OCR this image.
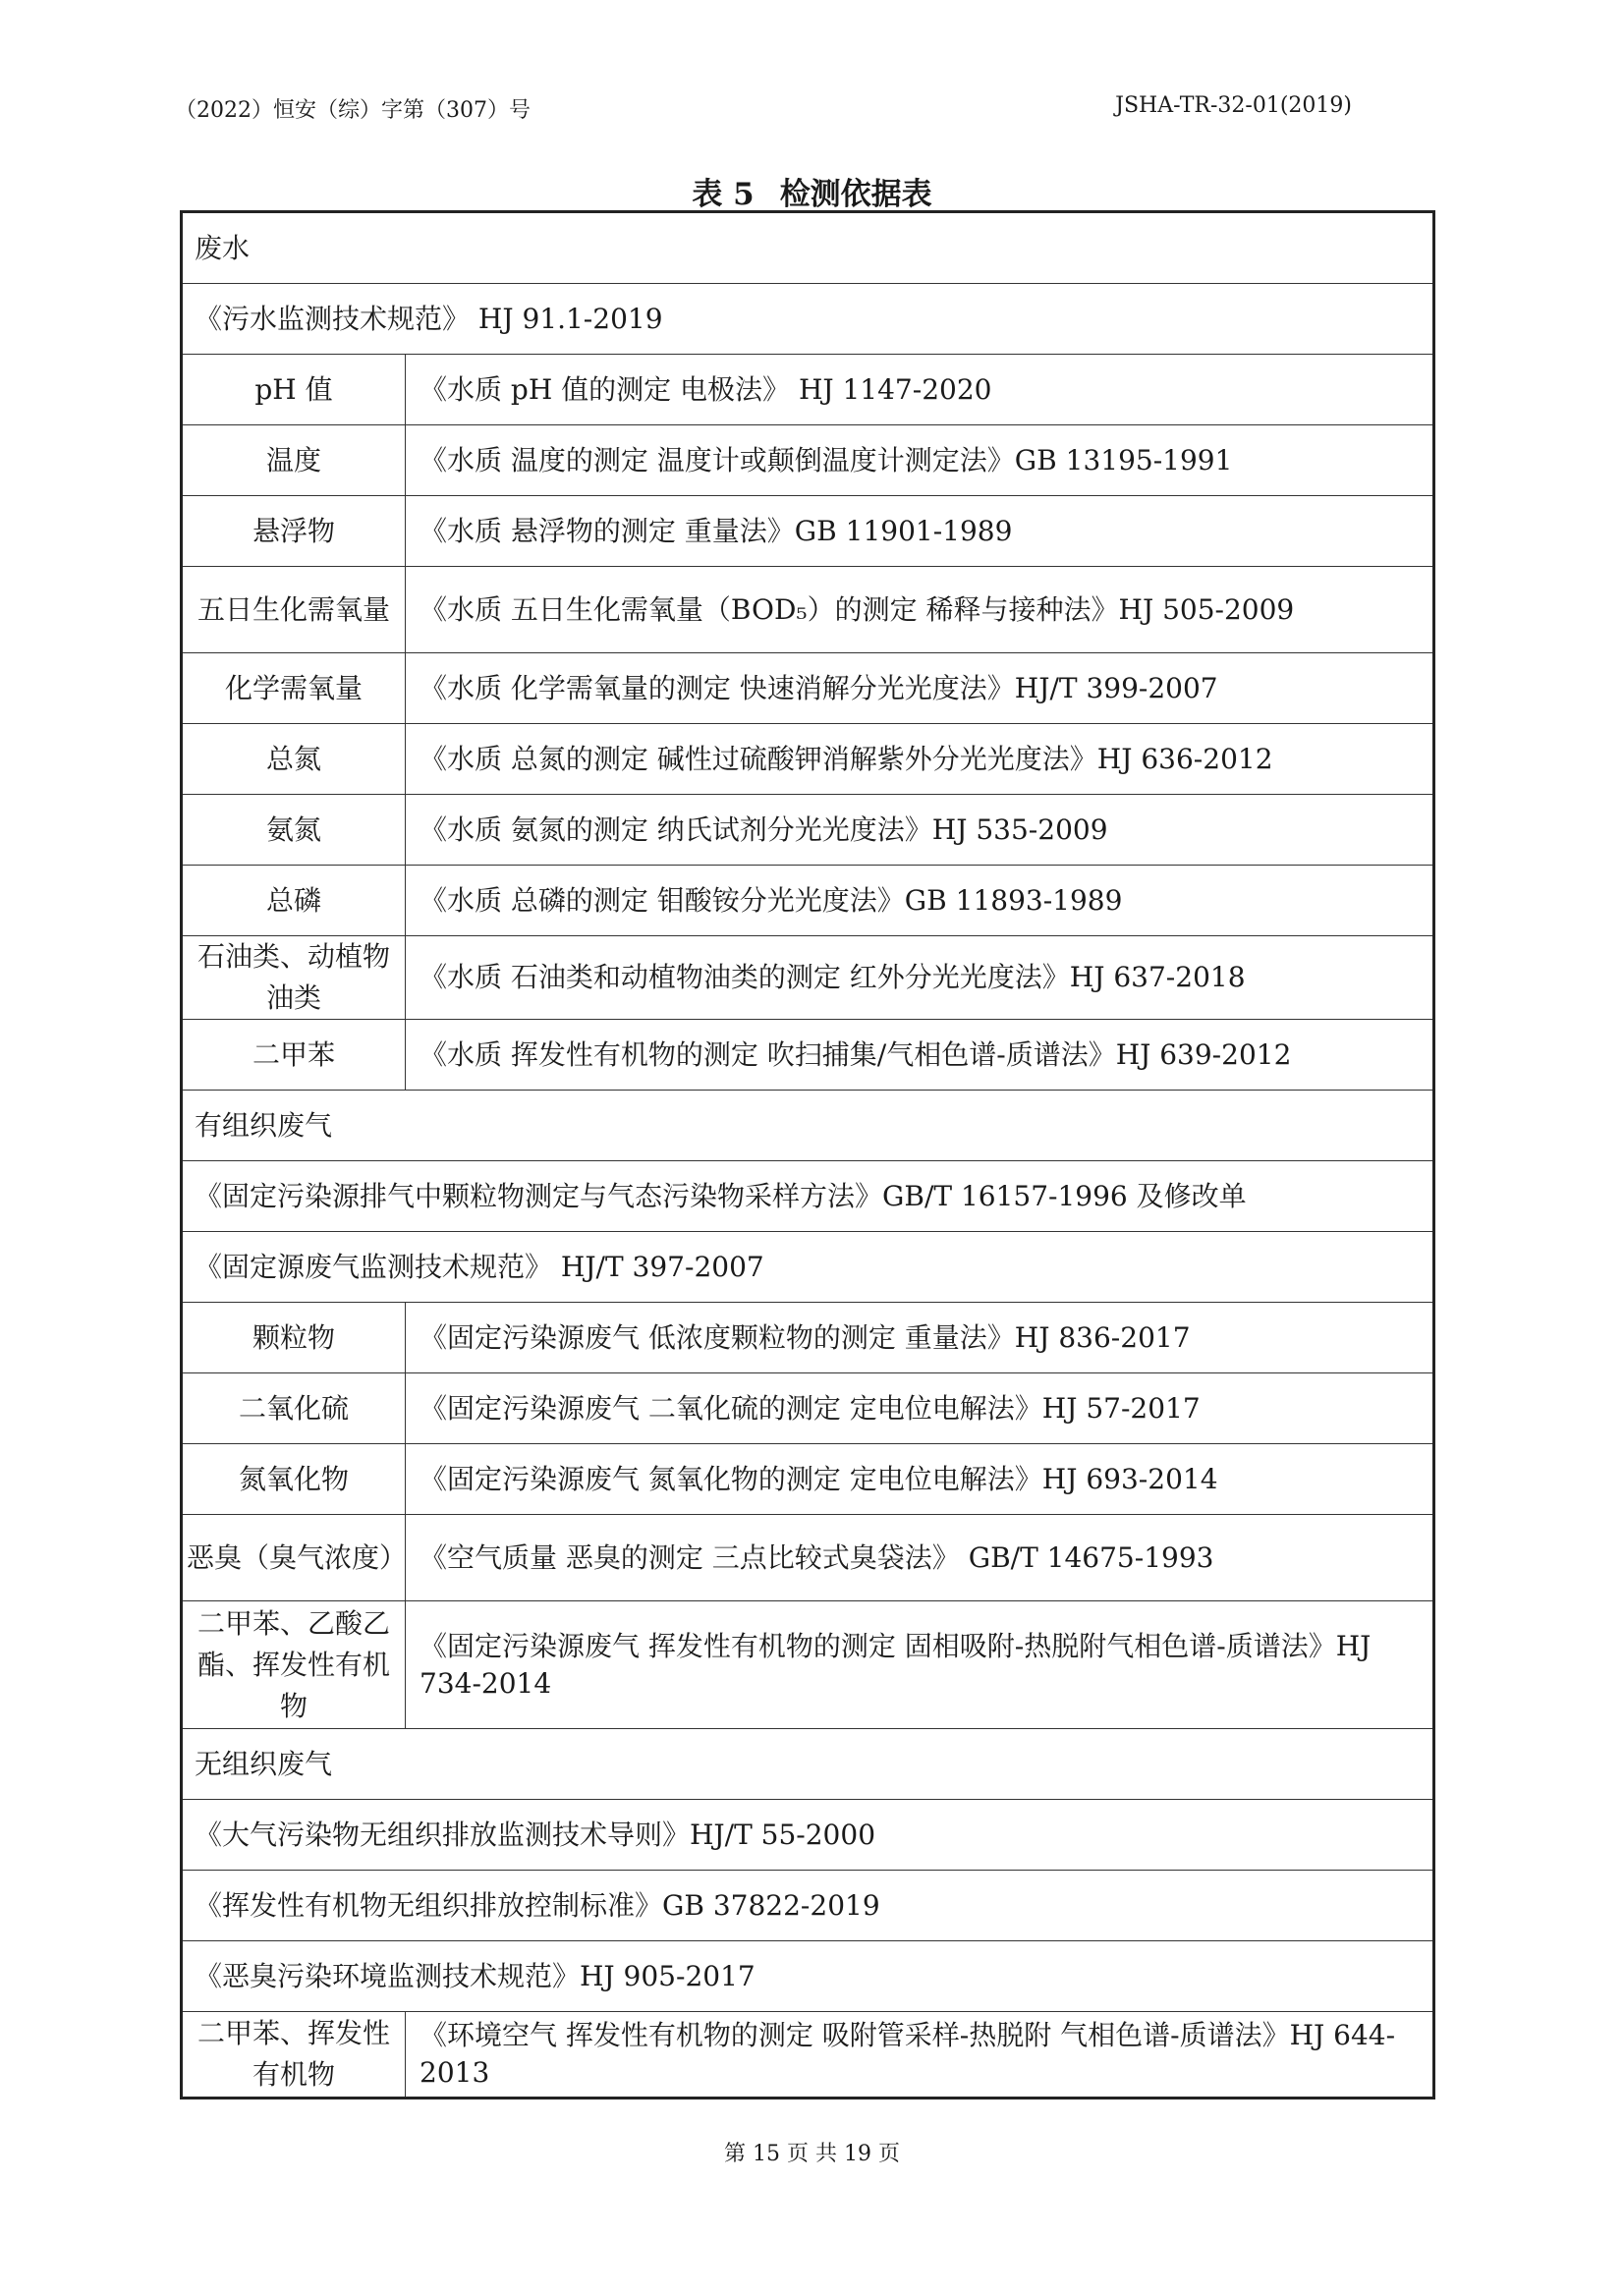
（2022）恒安（综）字第（307）号	JSHA-TR-32-01(2019)
表 5 检测依据表
废水	
《污水监测技术规范》 HJ 91.1-2019	
pH 值	《水质 pH 值的测定 电极法》 HJ 1147-2020
温度	《水质 温度的测定 温度计或颠倒温度计测定法》GB 13195-1991
悬浮物	《水质 悬浮物的测定 重量法》GB 11901-1989
五日生化需氧量	《水质 五日生化需氧量（BOD₅）的测定 稀释与接种法》HJ 505-2009
化学需氧量	《水质 化学需氧量的测定 快速消解分光光度法》HJ/T 399-2007
总氮	《水质 总氮的测定 碱性过硫酸钾消解紫外分光光度法》HJ 636-2012
氨氮	《水质 氨氮的测定 纳氏试剂分光光度法》HJ 535-2009
总磷	《水质 总磷的测定 钼酸铵分光光度法》GB 11893-1989
石油类、动植物油类	《水质 石油类和动植物油类的测定 红外分光光度法》HJ 637-2018
二甲苯	《水质 挥发性有机物的测定 吹扫捕集/气相色谱-质谱法》HJ 639-2012
有组织废气	
《固定污染源排气中颗粒物测定与气态污染物采样方法》GB/T 16157-1996 及修改单	
《固定源废气监测技术规范》 HJ/T 397-2007	
颗粒物	《固定污染源废气 低浓度颗粒物的测定 重量法》HJ 836-2017
二氧化硫	《固定污染源废气 二氧化硫的测定 定电位电解法》HJ 57-2017
氮氧化物	《固定污染源废气 氮氧化物的测定 定电位电解法》HJ 693-2014
恶臭（臭气浓度）	《空气质量 恶臭的测定 三点比较式臭袋法》 GB/T 14675-1993
二甲苯、乙酸乙酯、挥发性有机物	《固定污染源废气 挥发性有机物的测定 固相吸附-热脱附气相色谱-质谱法》HJ 734-2014
无组织废气	
《大气污染物无组织排放监测技术导则》HJ/T 55-2000	
《挥发性有机物无组织排放控制标准》GB 37822-2019	
《恶臭污染环境监测技术规范》HJ 905-2017	
二甲苯、挥发性有机物	《环境空气 挥发性有机物的测定 吸附管采样-热脱附 气相色谱-质谱法》HJ 644-2013
第 15 页 共 19 页
